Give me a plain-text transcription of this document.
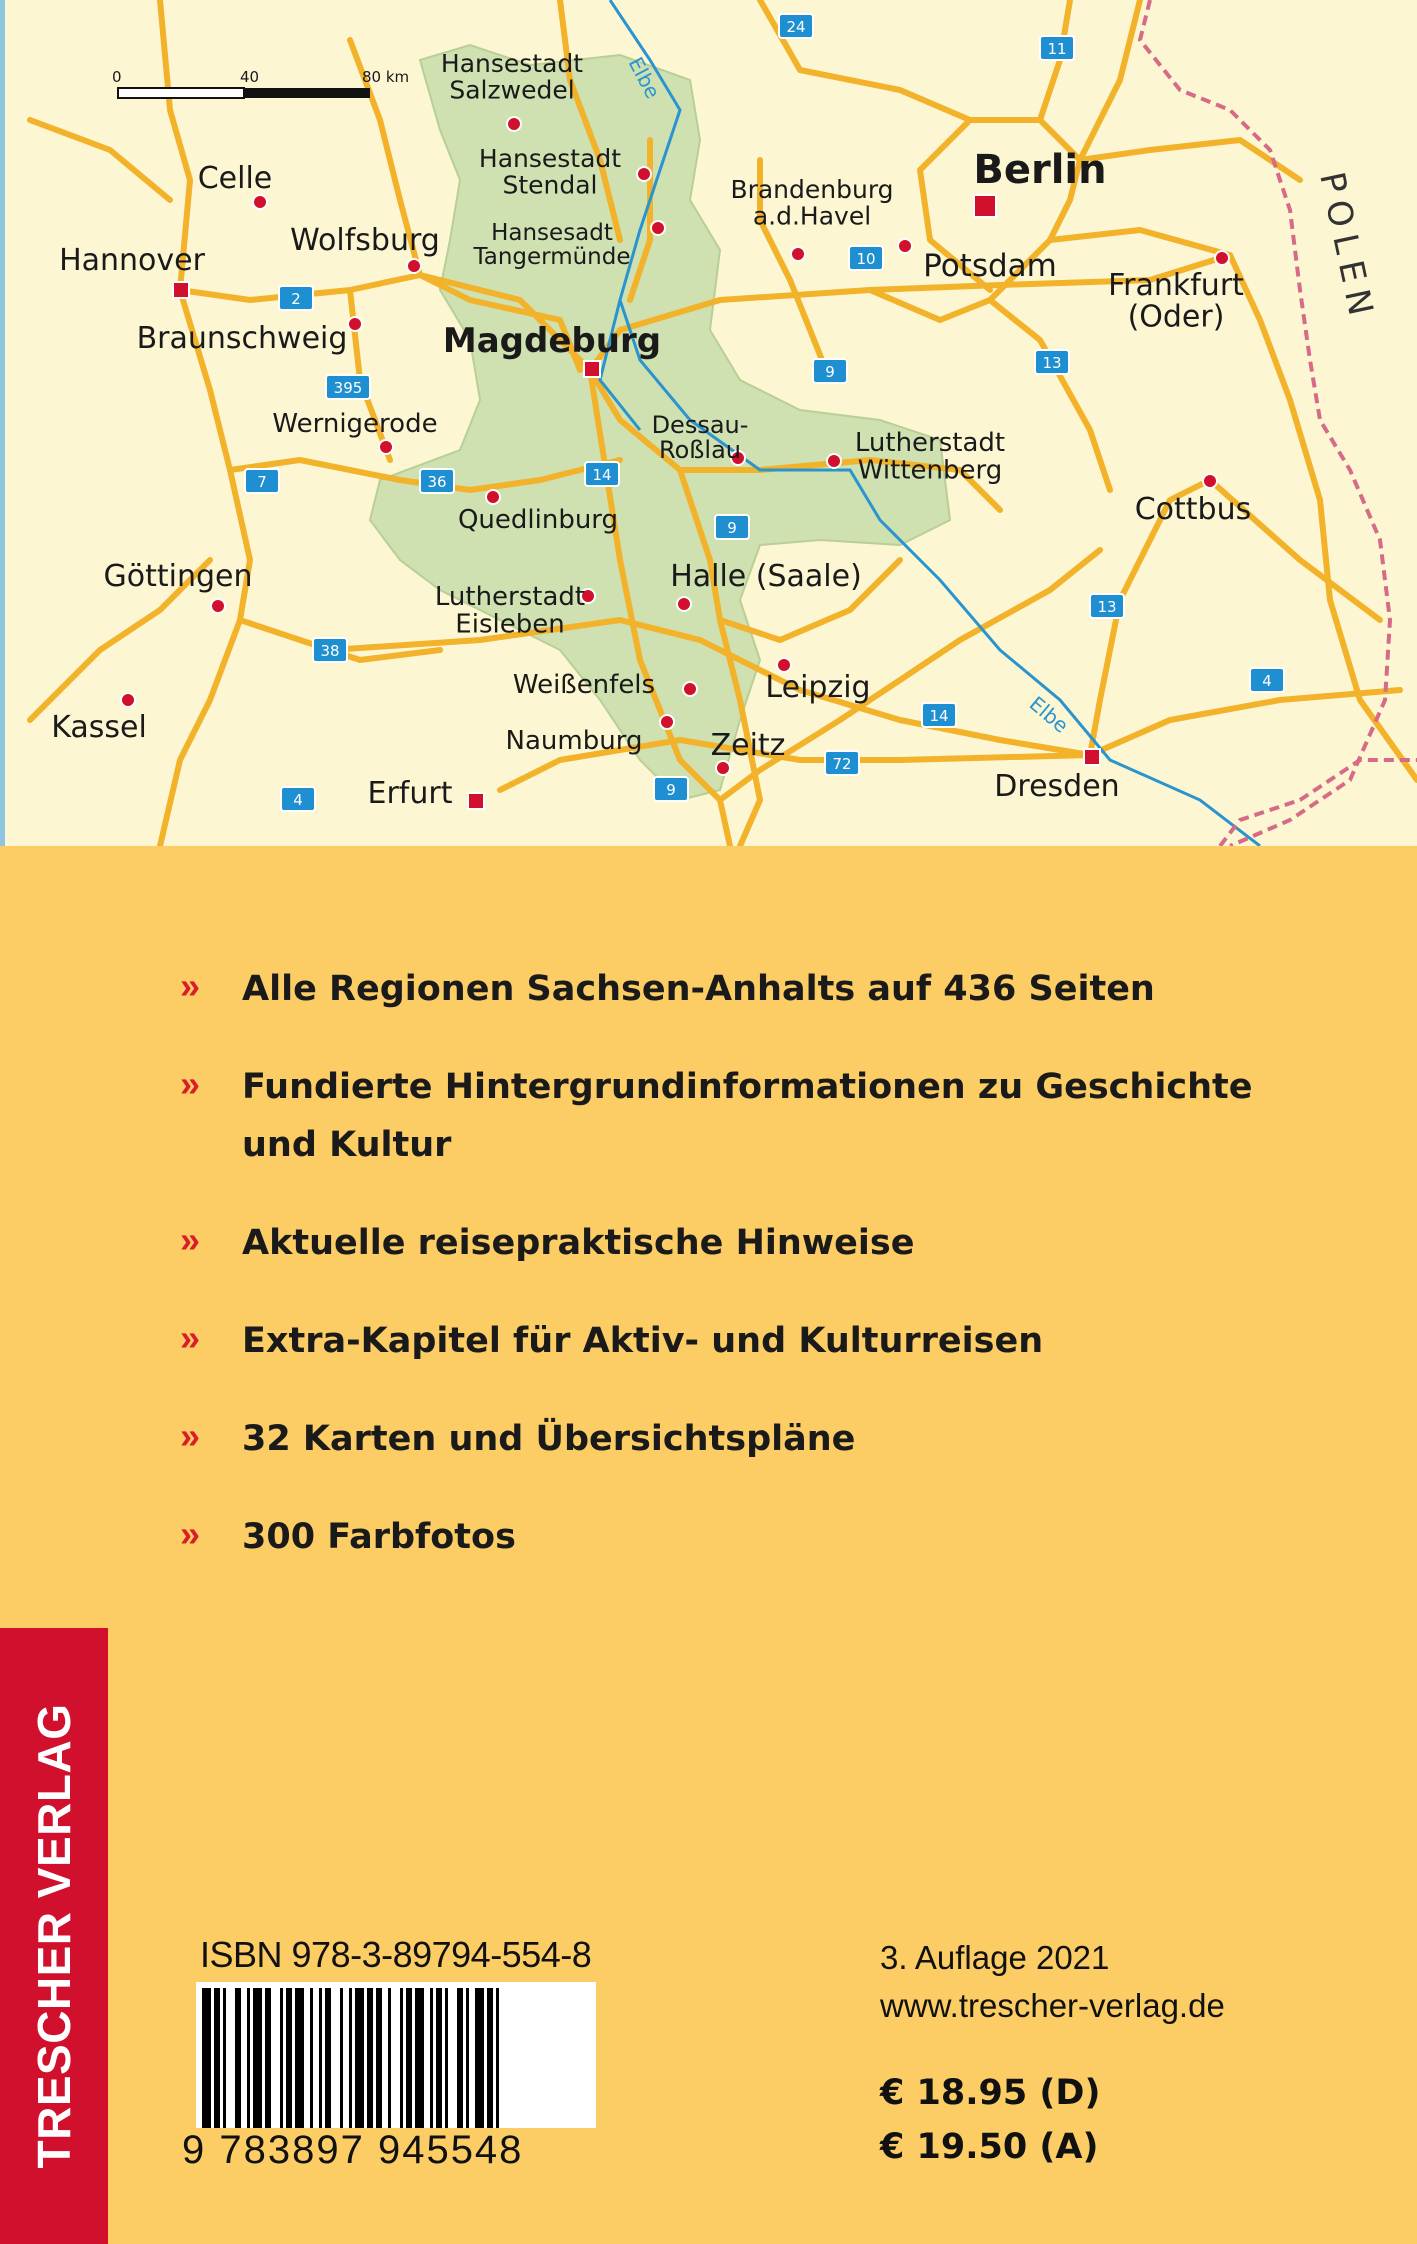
0	40	80 km
24
11
10
2
395
13
9
7	36	14
9
13
38
4
14
72
9
4
Elbe
Elbe
Hansestadt Salzwedel
Hansestadt Stendal
Hansesadt Tangermünde
Celle
Wolfsburg
Hannover
Braunschweig	Magdeburg
Brandenburg a.d.Havel
Berlin
Potsdam
Frankfurt (Oder)
Wernigerode	Dessau-Roßlau	Lutherstadt Wittenberg
Quedlinburg	Cottbus
Göttingen	Halle (Saale)
Lutherstadt Eisleben
Weißenfels	Leipzig
Kassel	Naumburg Zeitz
Erfurt	Dresden
POLEN
» Alle Regionen Sachsen-Anhalts auf 436 Seiten
» Fundierte Hintergrundinformationen zu Geschichte und Kultur
» Aktuelle reisepraktische Hinweise
» Extra-Kapitel für Aktiv- und Kulturreisen
» 32 Karten und Übersichtspläne
» 300 Farbfotos
TRESCHER VERLAG	ISBN 978-3-89794-554-8
9 783897 945548
3. Auflage 2021
www.trescher-verlag.de
€ 18.95 (D)
€ 19.50 (A)
